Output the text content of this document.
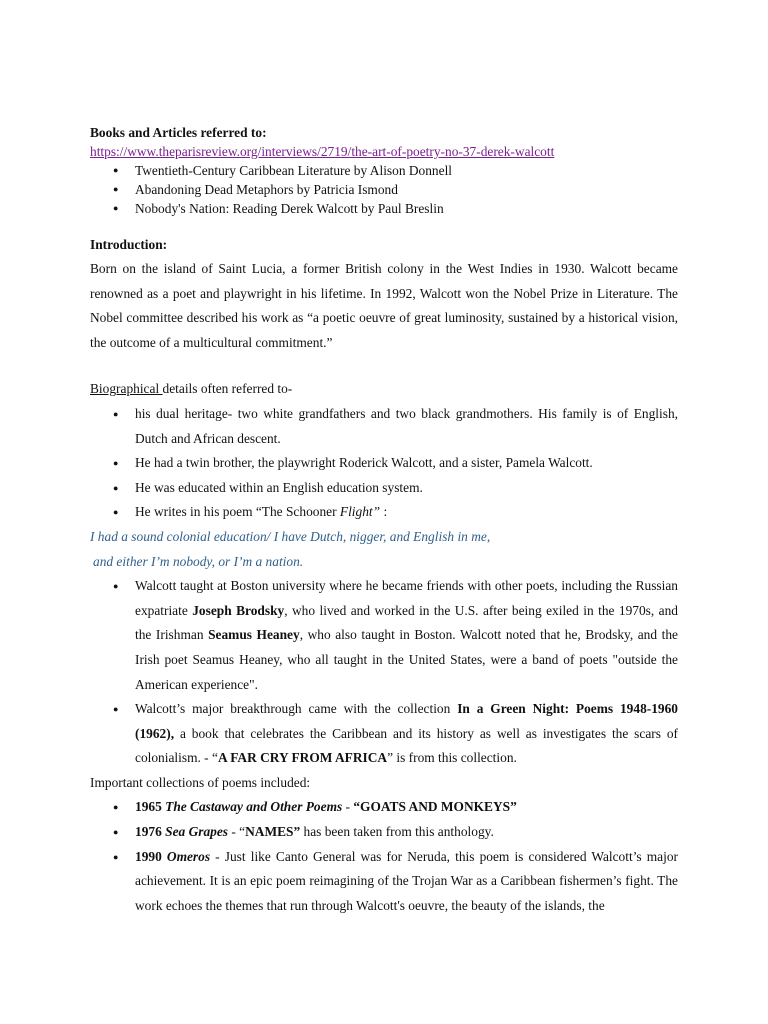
Books and Articles referred to:

https://www.theparisreview.org/interviews/2719/the-art-of-poetry-no-37-derek-walcott
● Twentieth-Century Caribbean Literature by Alison Donnell
● Abandoning Dead Metaphors by Patricia Ismond
● Nobody's Nation: Reading Derek Walcott by Paul Breslin

Introduction:

Born on the island of Saint Lucia, a former British colony in the West Indies in 1930. Walcott became renowned as a poet and playwright in his lifetime. In 1992, Walcott won the Nobel Prize in Literature. The Nobel committee described his work as “a poetic oeuvre of great luminosity, sustained by a historical vision, the outcome of a multicultural commitment.”

Biographical details often referred to-

● his dual heritage- two white grandfathers and two black grandmothers. His family is of English, Dutch and African descent.
● He had a twin brother, the playwright Roderick Walcott, and a sister, Pamela Walcott.
● He was educated within an English education system.
● He writes in his poem “The Schooner Flight” :

I had a sound colonial education/ I have Dutch, nigger, and English in me,

and either I’m nobody, or I’m a nation.

● Walcott taught at Boston university where he became friends with other poets, including the Russian expatriate Joseph Brodsky, who lived and worked in the U.S. after being exiled in the 1970s, and the Irishman Seamus Heaney, who also taught in Boston. Walcott noted that he, Brodsky, and the Irish poet Seamus Heaney, who all taught in the United States, were a band of poets "outside the American experience".
● Walcott’s major breakthrough came with the collection In a Green Night: Poems 1948-1960 (1962), a book that celebrates the Caribbean and its history as well as investigates the scars of colonialism. - “A FAR CRY FROM AFRICA” is from this collection.

Important collections of poems included:

● 1965 The Castaway and Other Poems - “GOATS AND MONKEYS”
● 1976 Sea Grapes - “NAMES” has been taken from this anthology.
● 1990 Omeros - Just like Canto General was for Neruda, this poem is considered Walcott’s major achievement. It is an epic poem reimagining of the Trojan War as a Caribbean fishermen’s fight. The work echoes the themes that run through Walcott's oeuvre, the beauty of the islands, the
